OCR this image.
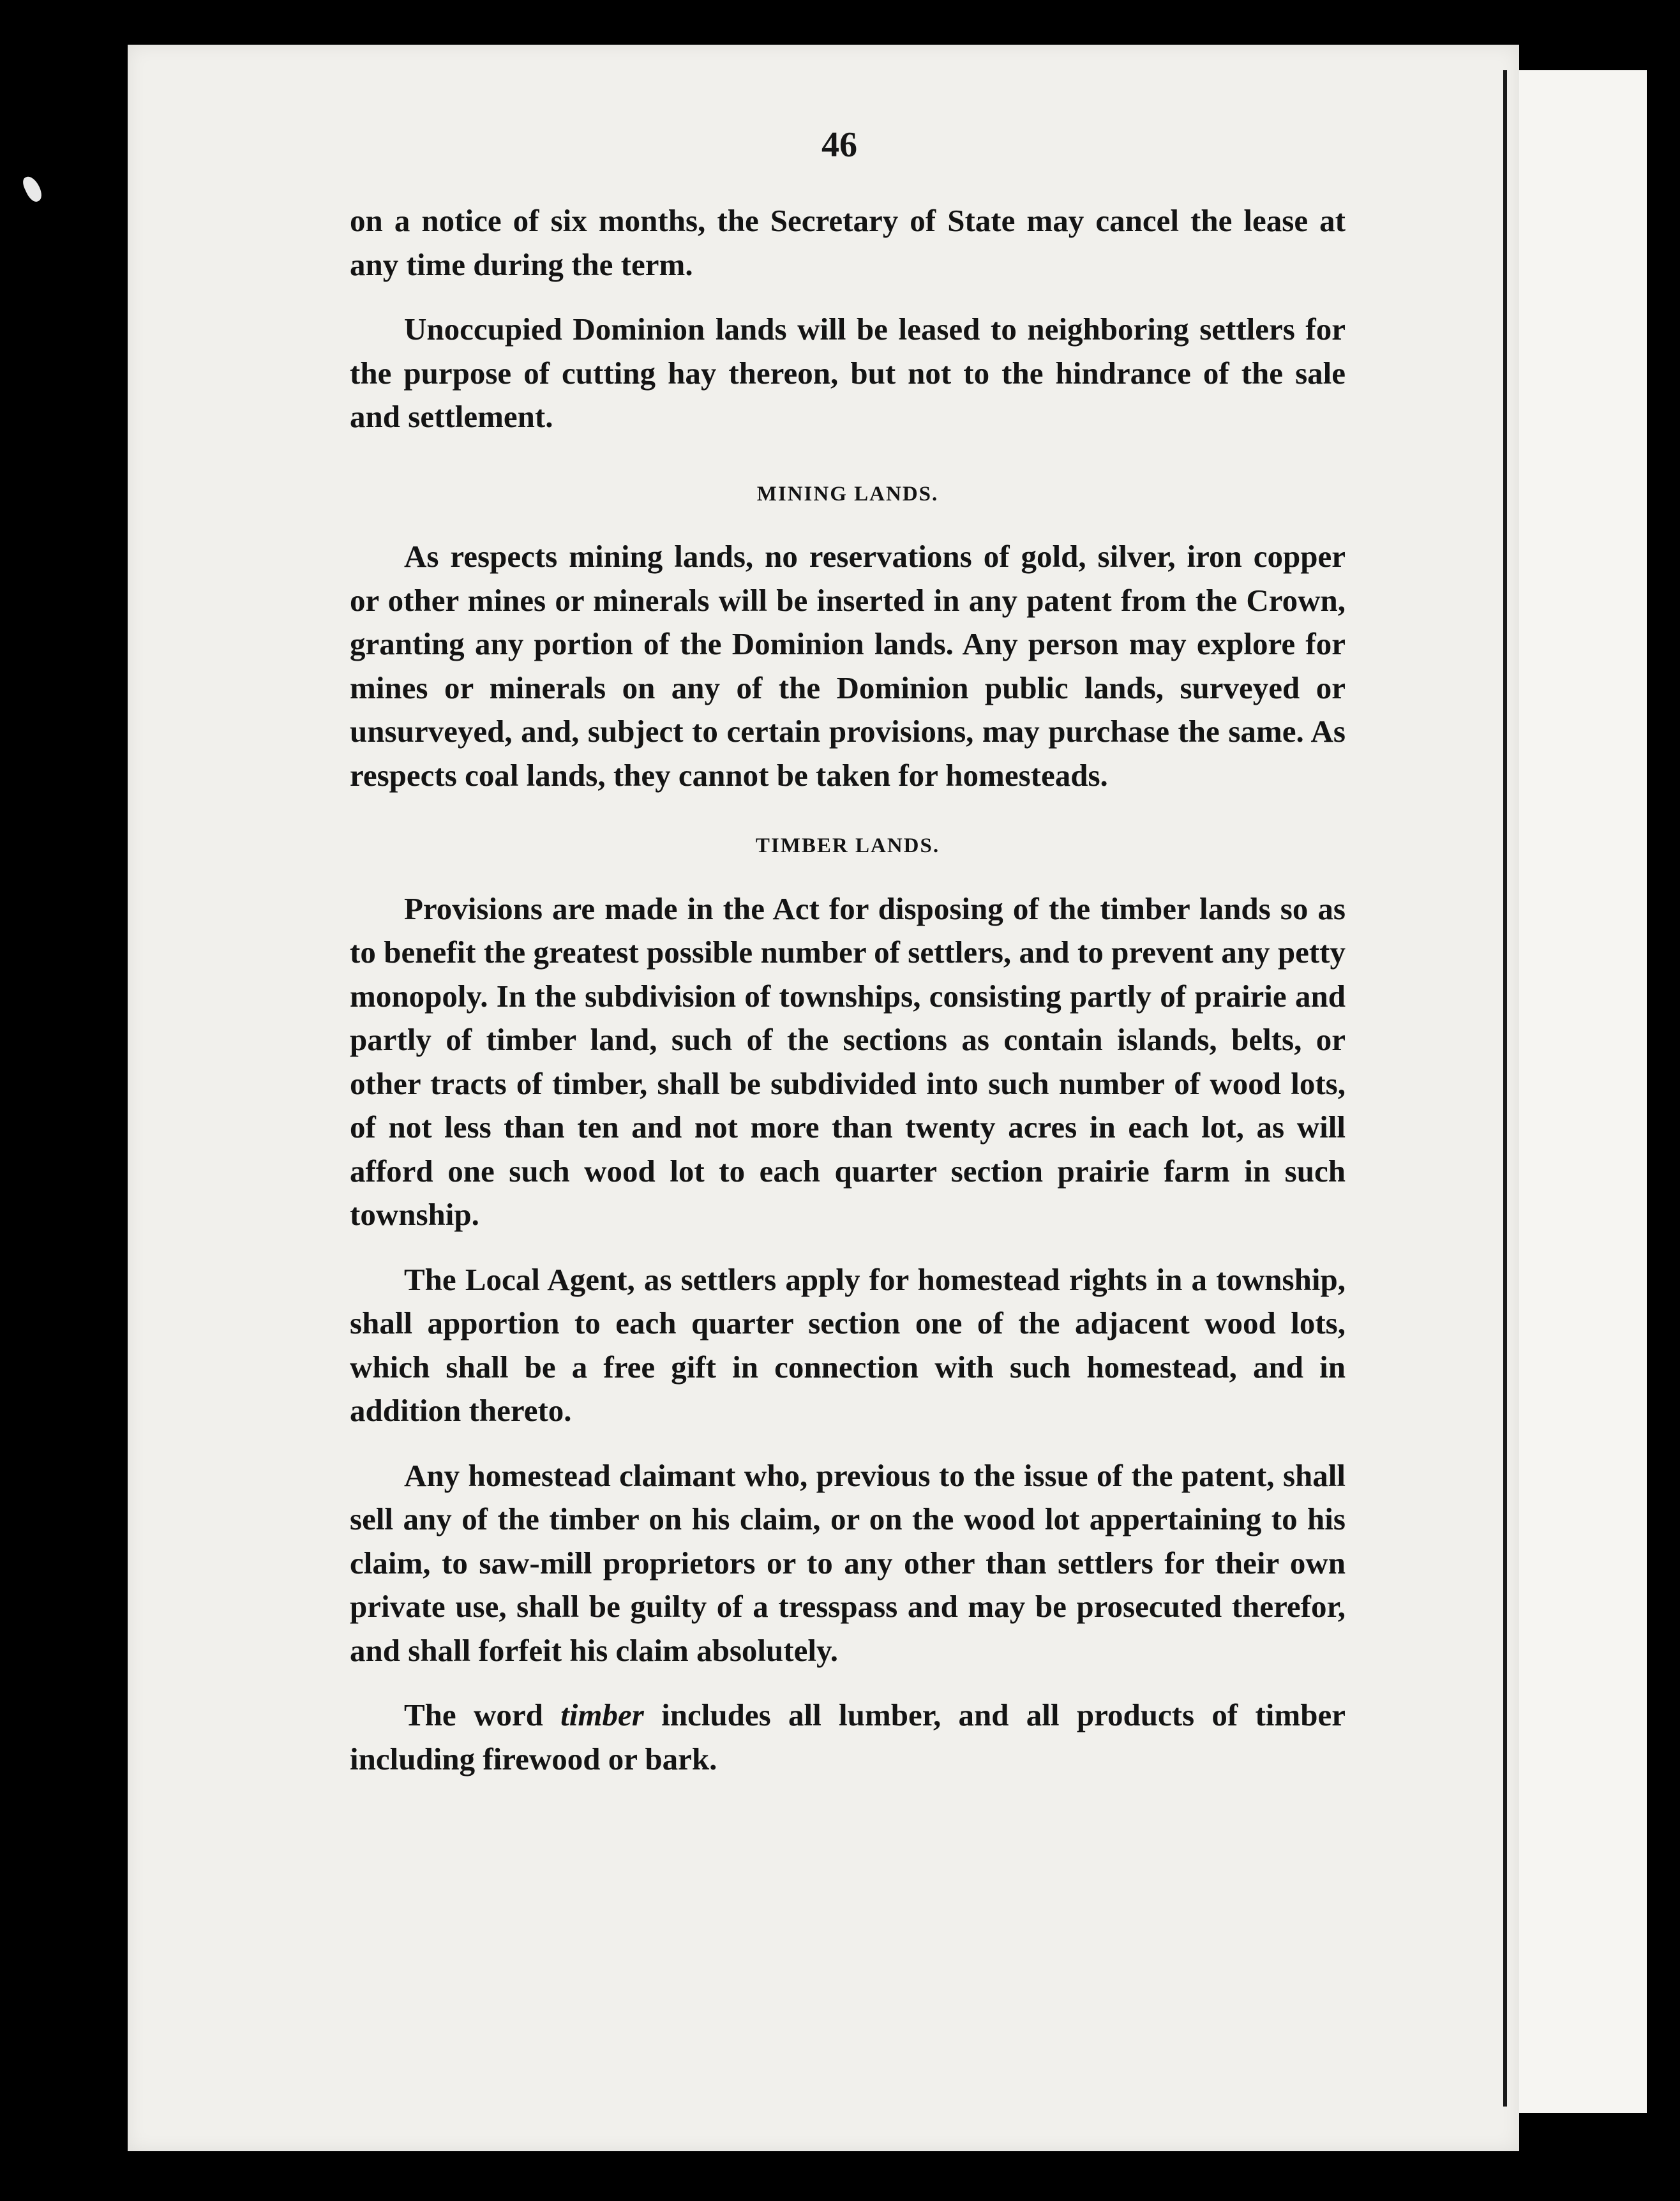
46

on a notice of six months, the Secretary of State may cancel the lease at any time during the term.

Unoccupied Dominion lands will be leased to neighboring settlers for the purpose of cutting hay thereon, but not to the hindrance of the sale and settlement.

MINING LANDS.

As respects mining lands, no reservations of gold, silver, iron copper or other mines or minerals will be inserted in any patent from the Crown, granting any portion of the Dominion lands. Any person may explore for mines or minerals on any of the Dominion public lands, surveyed or unsurveyed, and, subject to certain provisions, may purchase the same. As respects coal lands, they cannot be taken for homesteads.

TIMBER LANDS.

Provisions are made in the Act for disposing of the timber lands so as to benefit the greatest possible number of settlers, and to prevent any petty monopoly. In the subdivision of townships, consisting partly of prairie and partly of timber land, such of the sections as contain islands, belts, or other tracts of timber, shall be subdivided into such number of wood lots, of not less than ten and not more than twenty acres in each lot, as will afford one such wood lot to each quarter section prairie farm in such township.

The Local Agent, as settlers apply for homestead rights in a township, shall apportion to each quarter section one of the adjacent wood lots, which shall be a free gift in connection with such homestead, and in addition thereto.

Any homestead claimant who, previous to the issue of the patent, shall sell any of the timber on his claim, or on the wood lot appertaining to his claim, to saw-mill proprietors or to any other than settlers for their own private use, shall be guilty of a tresspass and may be prosecuted therefor, and shall forfeit his claim absolutely.

The word timber includes all lumber, and all products of timber including firewood or bark.
